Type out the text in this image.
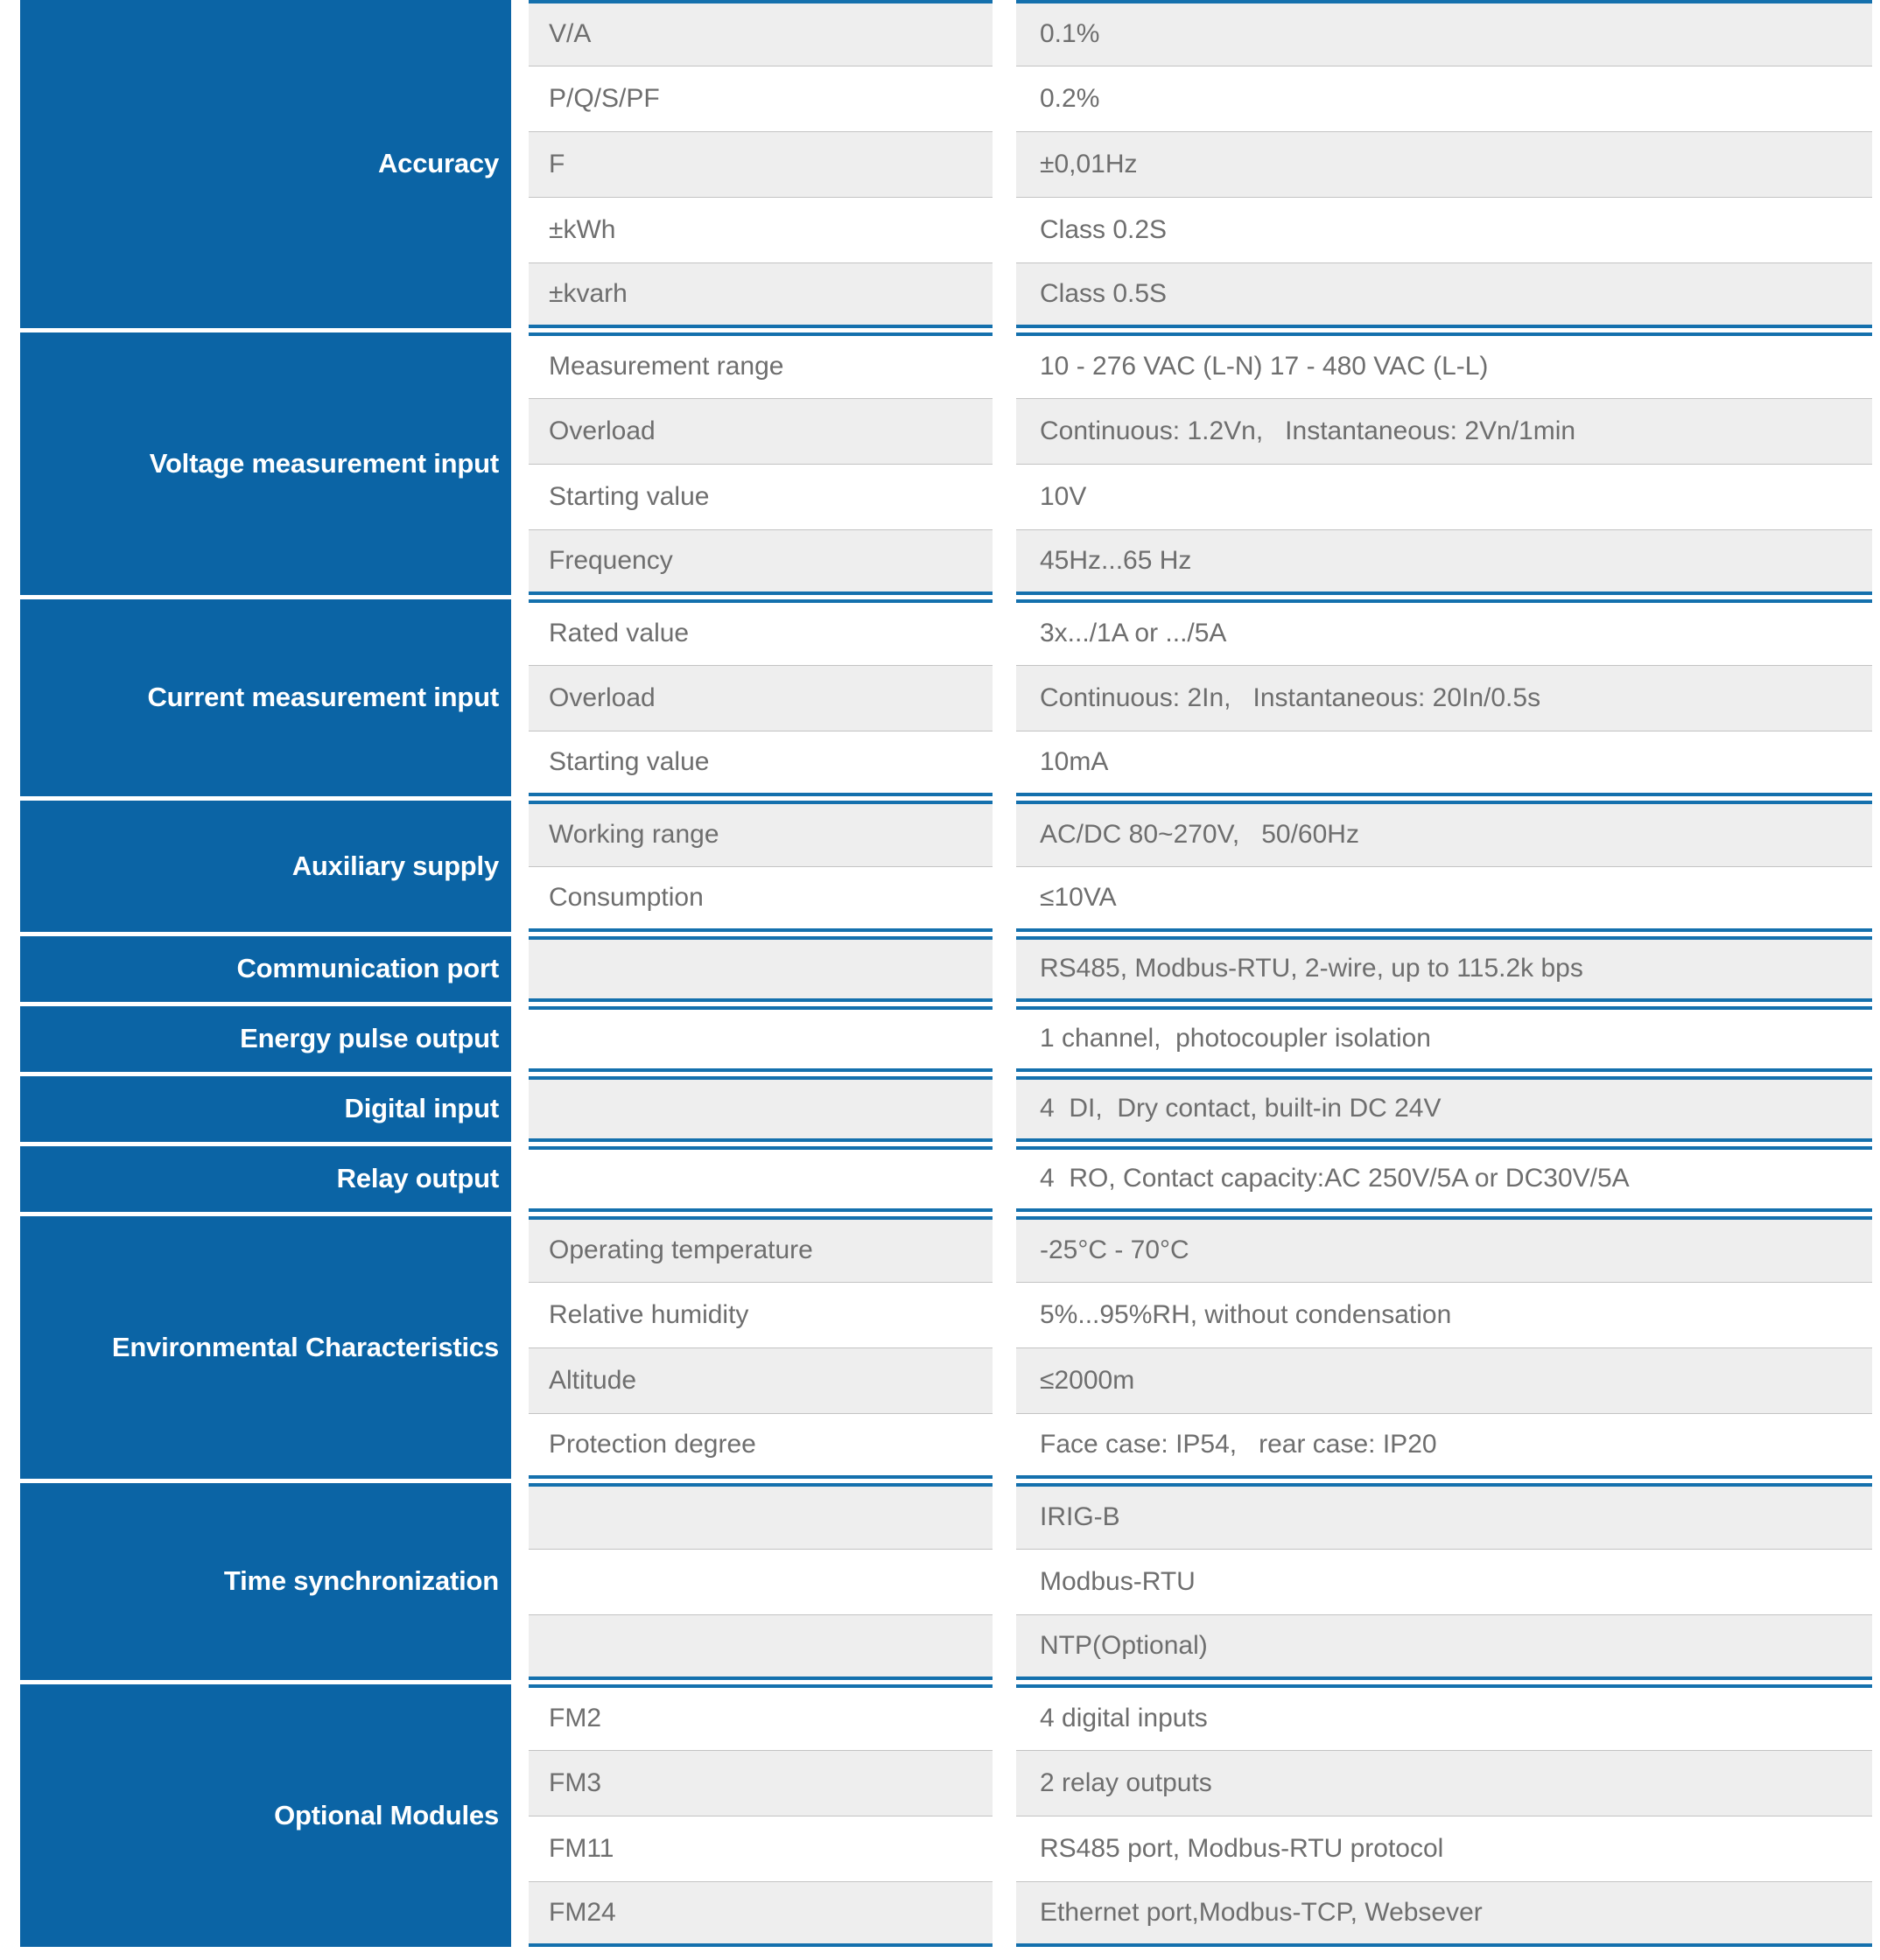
Accuracy
V/A	0.1%
P/Q/S/PF	0.2%
F	±0,01Hz
±kWh	Class 0.2S
±kvarh	Class 0.5S
Voltage measurement input
Measurement range	10 - 276 VAC (L-N) 17 - 480 VAC (L-L)
Overload	Continuous: 1.2Vn,   Instantaneous: 2Vn/1min
Starting value	10V
Frequency	45Hz...65 Hz
Current measurement input
Rated value	3x.../1A or .../5A
Overload	Continuous: 2In,   Instantaneous: 20In/0.5s
Starting value	10mA
Auxiliary supply
Working range	AC/DC 80~270V,   50/60Hz
Consumption	≤10VA
Communication port	RS485, Modbus-RTU, 2-wire, up to 115.2k bps
Energy pulse output	1 channel,  photocoupler isolation
Digital input	4  DI,  Dry contact, built-in DC 24V
Relay output	4  RO, Contact capacity:AC 250V/5A or DC30V/5A
Environmental Characteristics
Operating temperature	-25°C - 70°C
Relative humidity	5%...95%RH, without condensation
Altitude	≤2000m
Protection degree	Face case: IP54,   rear case: IP20
Time synchronization
IRIG-B
Modbus-RTU
NTP(Optional)
Optional Modules
FM2	4 digital inputs
FM3	2 relay outputs
FM11	RS485 port, Modbus-RTU protocol
FM24	Ethernet port,Modbus-TCP, Websever
